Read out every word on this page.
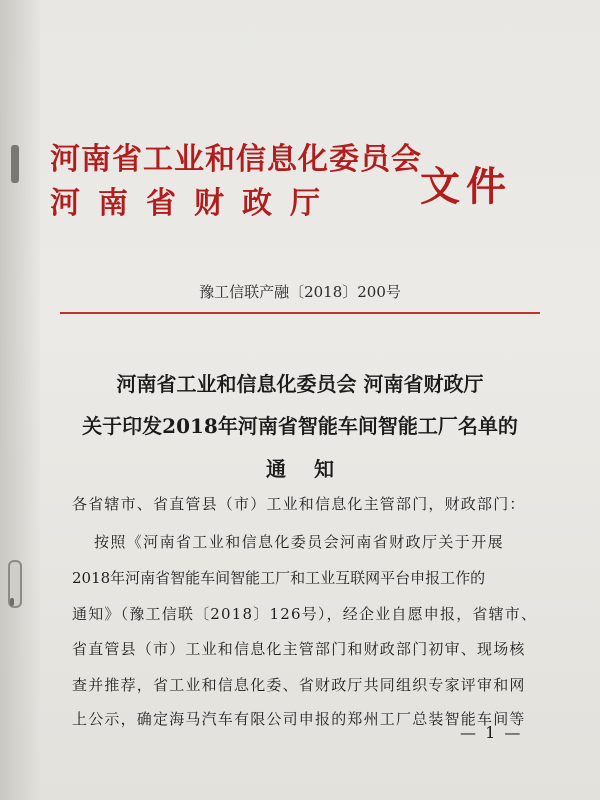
河南省工业和信息化委员会
河南省财政厅	文件
豫工信联产融〔2018〕200号
河南省工业和信息化委员会 河南省财政厅
关于印发2018年河南省智能车间智能工厂名单的
通知
各省辖市、省直管县（市）工业和信息化主管部门，财政部门：
按照《河南省工业和信息化委员会河南省财政厅关于开展
2018年河南省智能车间智能工厂和工业互联网平台申报工作的
通知》（豫工信联〔2018〕126号），经企业自愿申报，省辖市、
省直管县（市）工业和信息化主管部门和财政部门初审、现场核
查并推荐，省工业和信息化委、省财政厅共同组织专家评审和网
上公示，确定海马汽车有限公司申报的郑州工厂总装智能车间等
— 1 —
